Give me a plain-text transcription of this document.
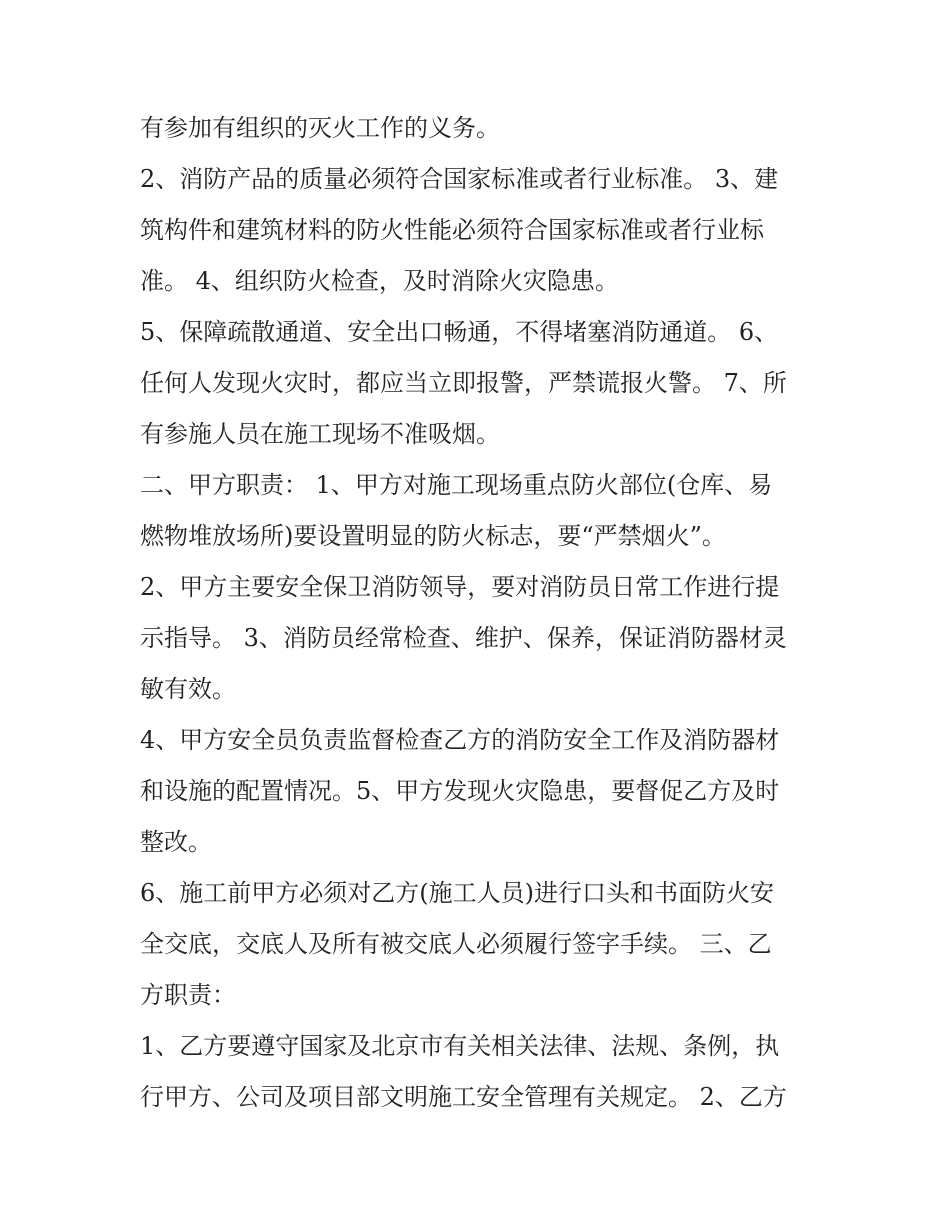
有参加有组织的灭火工作的义务。
2、消防产品的质量必须符合国家标准或者行业标准。 3、建
筑构件和建筑材料的防火性能必须符合国家标准或者行业标
准。 4、组织防火检查，及时消除火灾隐患。
5、保障疏散通道、安全出口畅通，不得堵塞消防通道。 6、
任何人发现火灾时，都应当立即报警，严禁谎报火警。 7、所
有参施人员在施工现场不准吸烟。
二、甲方职责： 1、甲方对施工现场重点防火部位(仓库、易
燃物堆放场所)要设置明显的防火标志，要“严禁烟火”。
2、甲方主要安全保卫消防领导，要对消防员日常工作进行提
示指导。 3、消防员经常检查、维护、保养，保证消防器材灵
敏有效。
4、甲方安全员负责监督检查乙方的消防安全工作及消防器材
和设施的配置情况。5、甲方发现火灾隐患，要督促乙方及时
整改。
6、施工前甲方必须对乙方(施工人员)进行口头和书面防火安
全交底，交底人及所有被交底人必须履行签字手续。 三、乙
方职责：
1、乙方要遵守国家及北京市有关相关法律、法规、条例，执
行甲方、公司及项目部文明施工安全管理有关规定。 2、乙方
